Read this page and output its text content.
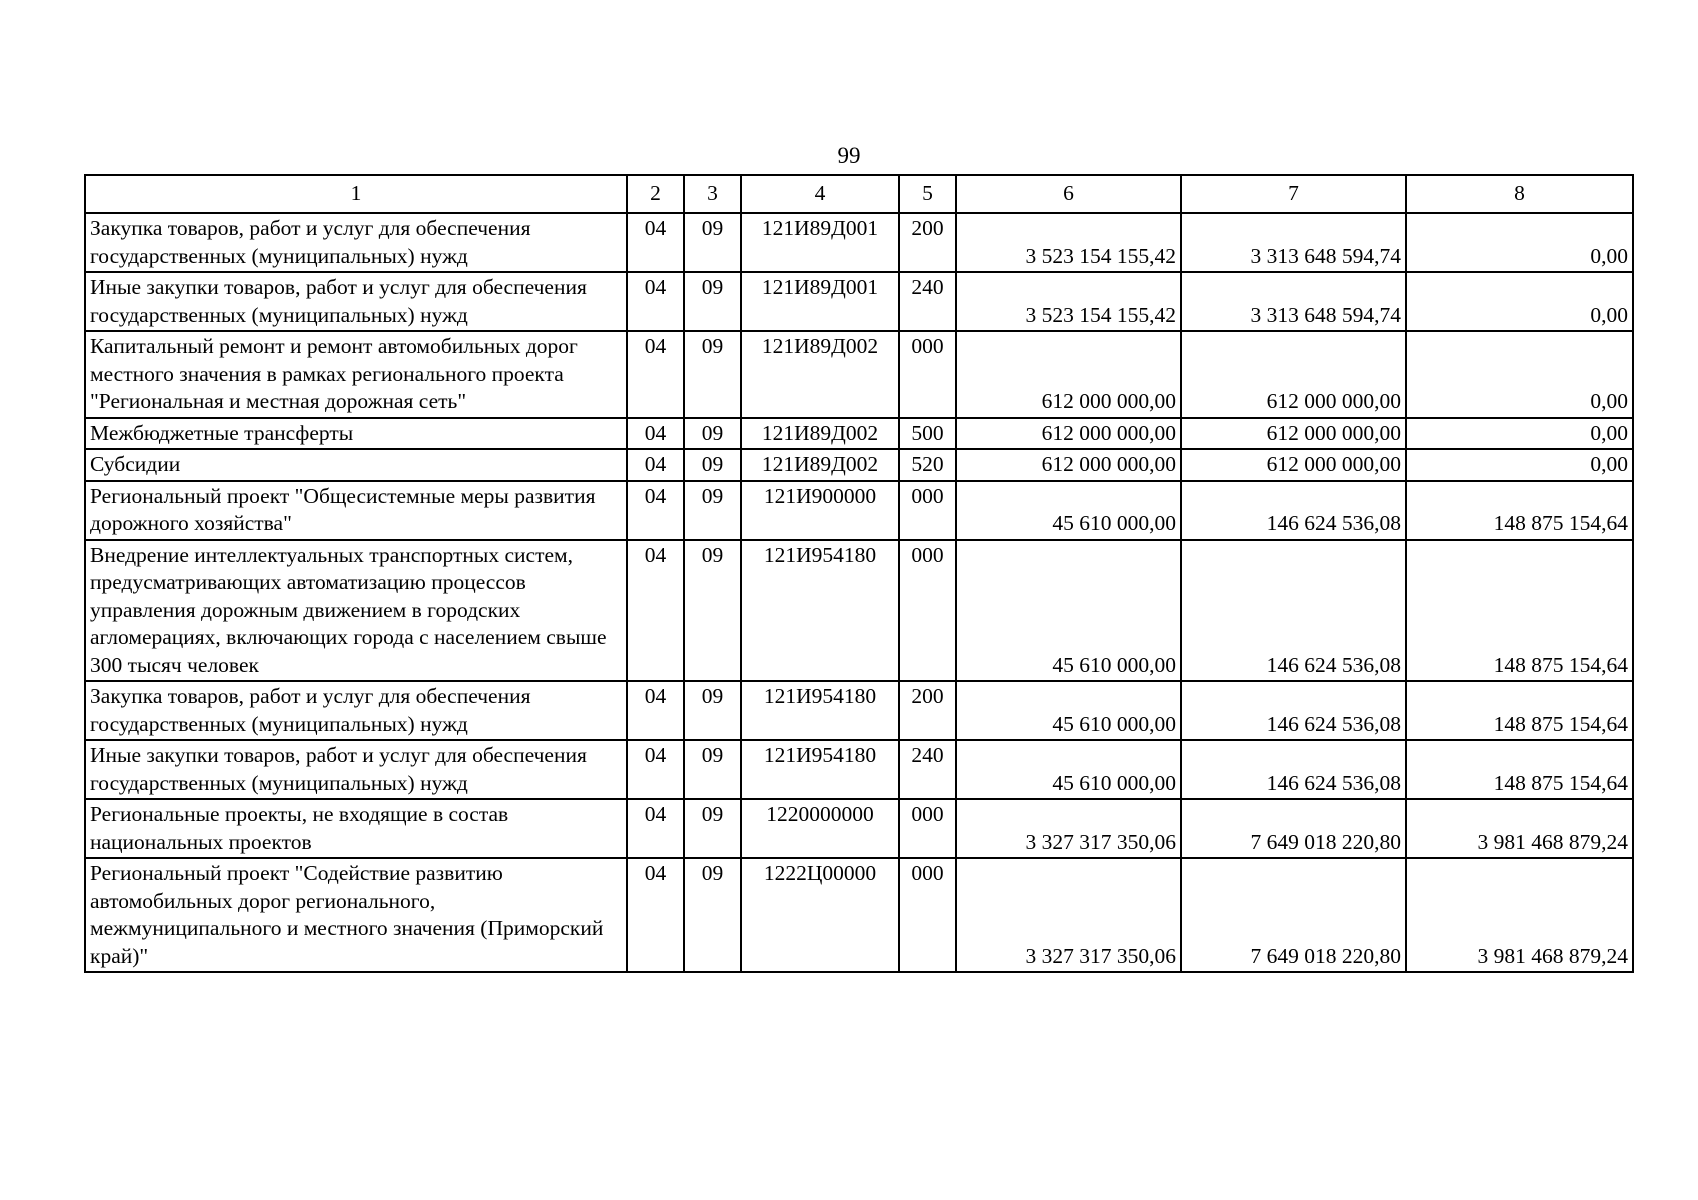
99
1	2	3	4	5	6	7	8
Закупка товаров, работ и услуг для обеспечения государственных (муниципальных) нужд	04	09	121И89Д001	200	3 523 154 155,42	3 313 648 594,74	0,00
Иные закупки товаров, работ и услуг для обеспечения государственных (муниципальных) нужд	04	09	121И89Д001	240	3 523 154 155,42	3 313 648 594,74	0,00
Капитальный ремонт и ремонт автомобильных дорог местного значения в рамках регионального проекта "Региональная и местная дорожная сеть"	04	09	121И89Д002	000	612 000 000,00	612 000 000,00	0,00
Межбюджетные трансферты	04	09	121И89Д002	500	612 000 000,00	612 000 000,00	0,00
Субсидии	04	09	121И89Д002	520	612 000 000,00	612 000 000,00	0,00
Региональный проект "Общесистемные меры развития дорожного хозяйства"	04	09	121И900000	000	45 610 000,00	146 624 536,08	148 875 154,64
Внедрение интеллектуальных транспортных систем, предусматривающих автоматизацию процессов управления дорожным движением в городских агломерациях, включающих города с населением свыше 300 тысяч человек	04	09	121И954180	000	45 610 000,00	146 624 536,08	148 875 154,64
Закупка товаров, работ и услуг для обеспечения государственных (муниципальных) нужд	04	09	121И954180	200	45 610 000,00	146 624 536,08	148 875 154,64
Иные закупки товаров, работ и услуг для обеспечения государственных (муниципальных) нужд	04	09	121И954180	240	45 610 000,00	146 624 536,08	148 875 154,64
Региональные проекты, не входящие в состав национальных проектов	04	09	1220000000	000	3 327 317 350,06	7 649 018 220,80	3 981 468 879,24
Региональный проект "Содействие развитию автомобильных дорог регионального, межмуниципального и местного значения (Приморский край)"	04	09	1222Ц00000	000	3 327 317 350,06	7 649 018 220,80	3 981 468 879,24
